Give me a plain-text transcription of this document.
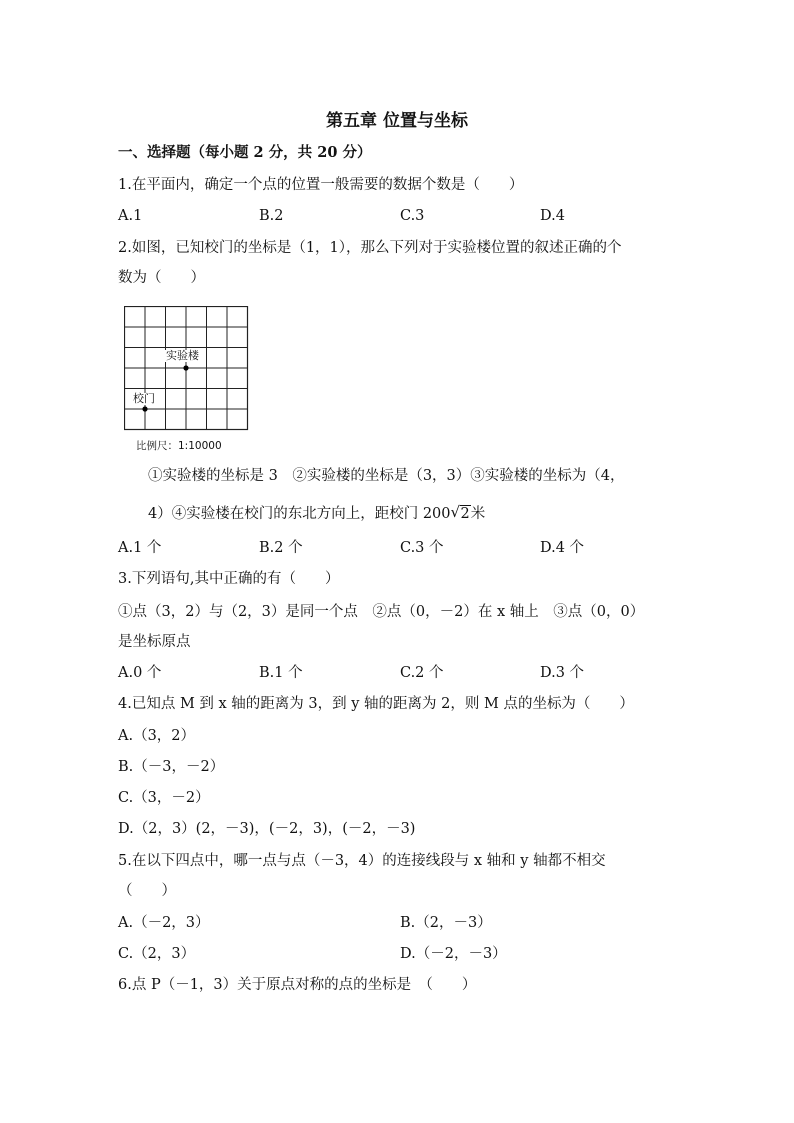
第五章 位置与坐标
一、选择题（每小题 2 分，共 20 分）
1.在平面内，确定一个点的位置一般需要的数据个数是（　　）
A.1	B.2	C.3	D.4
2.如图，已知校门的坐标是（1，1），那么下列对于实验楼位置的叙述正确的个
数为（　　）
实验楼
校门
比例尺：1:10000
①实验楼的坐标是 3　②实验楼的坐标是（3，3）③实验楼的坐标为（4，
4）④实验楼在校门的东北方向上，距校门 200 √ 2米
A.1 个	B.2 个	C.3 个	D.4 个
3.下列语句,其中正确的有（　　）
①点（3，2）与（2，3）是同一个点　②点（0，－2）在 x 轴上　③点（0，0）
是坐标原点
A.0 个	B.1 个	C.2 个	D.3 个
4.已知点 M 到 x 轴的距离为 3，到 y 轴的距离为 2，则 M 点的坐标为（　　）
A.（3，2）
B.（－3，－2）
C.（3，－2）
D.（2，3）(2，－3)，(－2，3)，(－2，－3)
5.在以下四点中，哪一点与点（－3，4）的连接线段与 x 轴和 y 轴都不相交
（　　）
A.（－2，3）	B.（2，－3）
C.（2，3）	D.（－2，－3）
6.点 P（－1，3）关于原点对称的点的坐标是　（　　）
